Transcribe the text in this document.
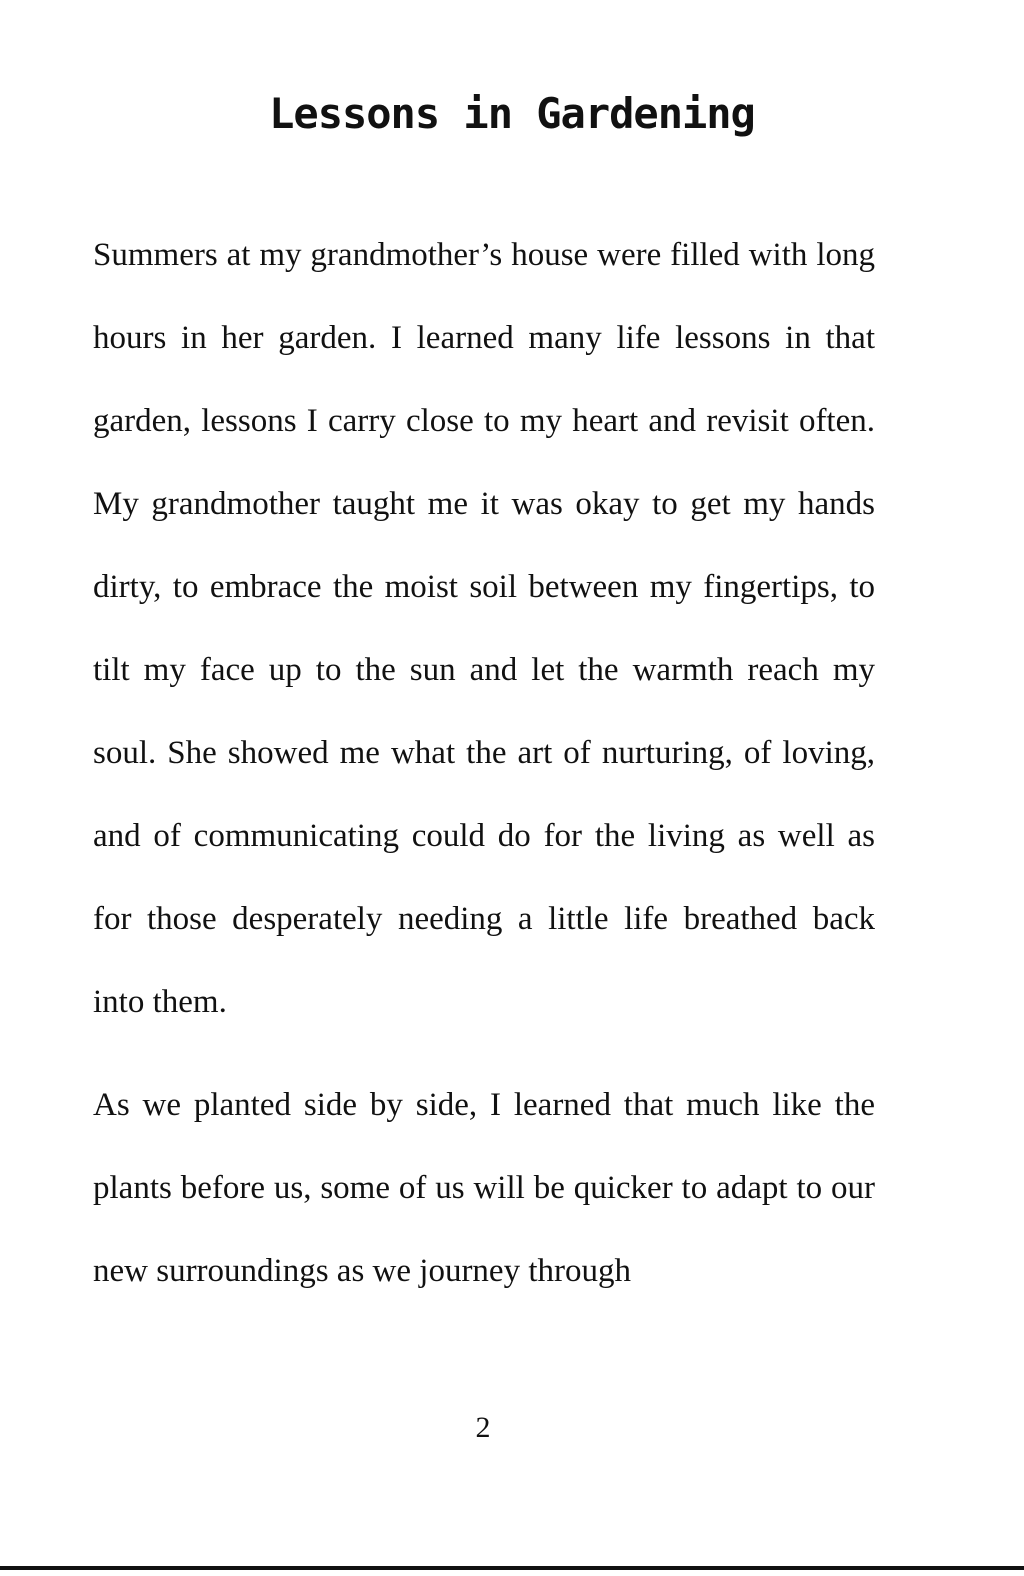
Lessons in Gardening

Summers at my grandmother’s house were filled with long hours in her garden. I learned many life lessons in that garden, lessons I carry close to my heart and revisit often. My grandmother taught me it was okay to get my hands dirty, to embrace the moist soil between my fingertips, to tilt my face up to the sun and let the warmth reach my soul. She showed me what the art of nurturing, of loving, and of communicating could do for the living as well as for those desperately needing a little life breathed back into them.

As we planted side by side, I learned that much like the plants before us, some of us will be quicker to adapt to our new surroundings as we journey through

2
